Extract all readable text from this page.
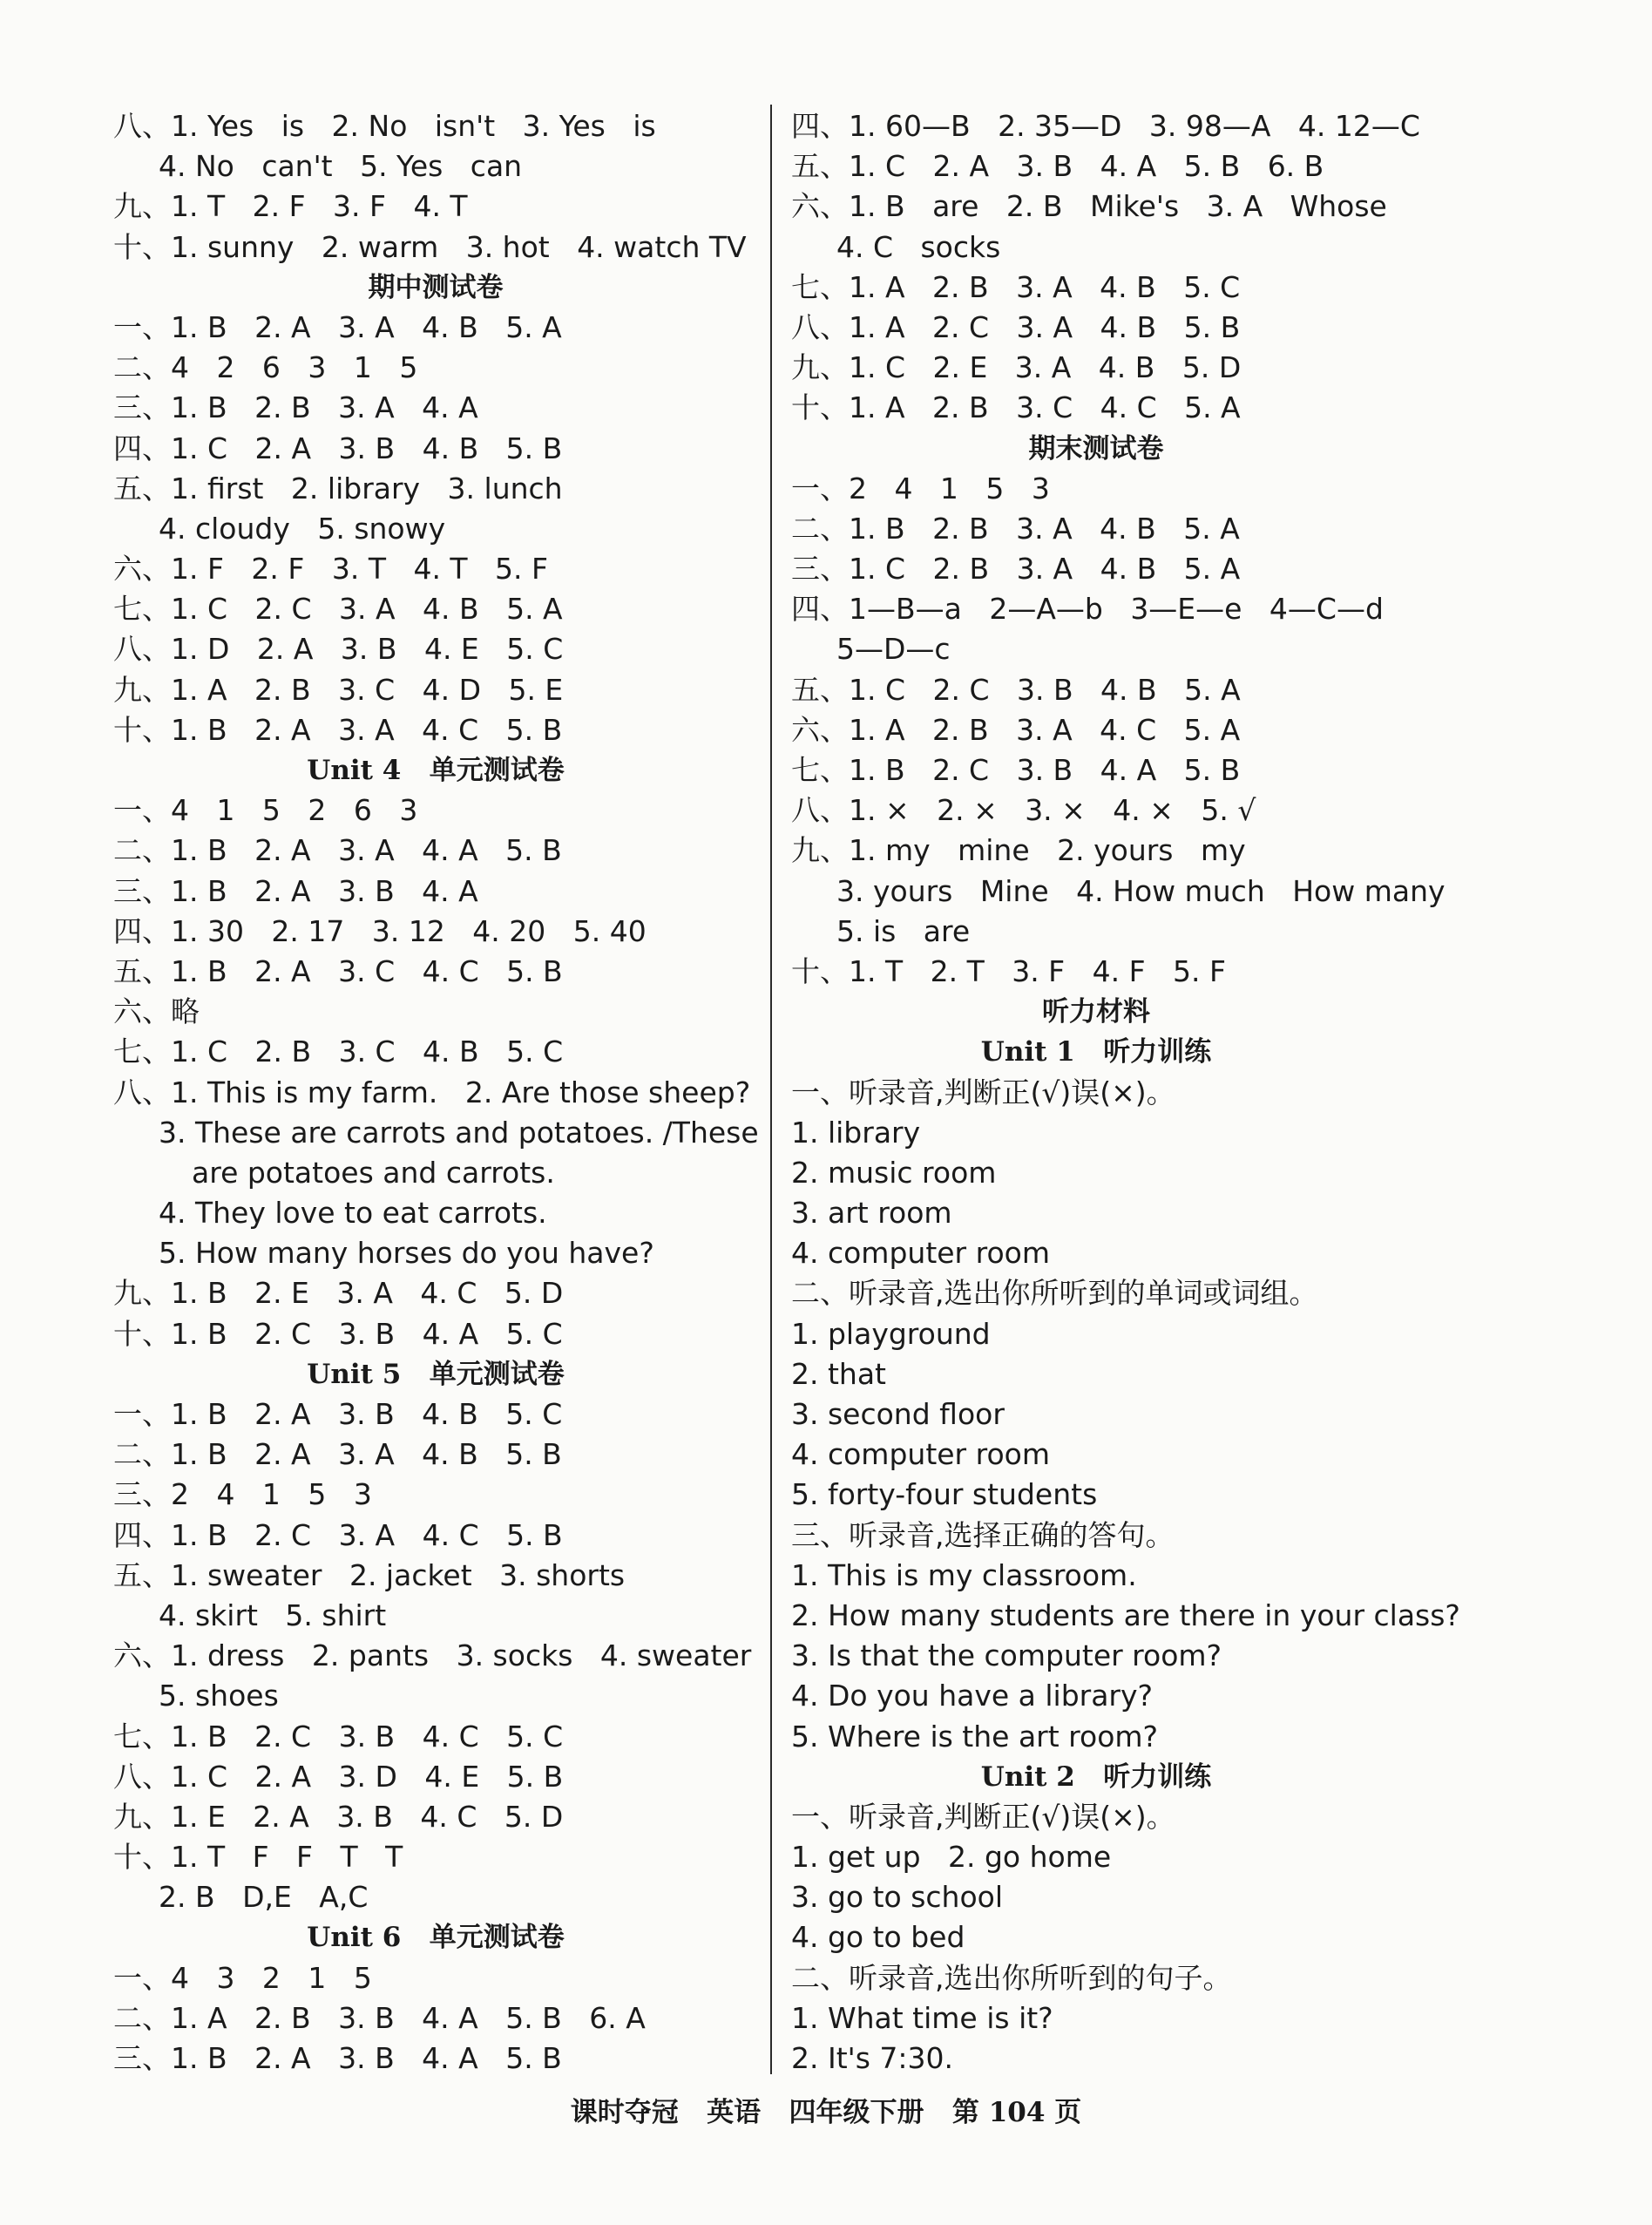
八、1. Yes   is   2. No   isn't   3. Yes   is
4. No   can't   5. Yes   can
九、1. T   2. F   3. F   4. T
十、1. sunny   2. warm   3. hot   4. watch TV
期中测试卷
一、1. B   2. A   3. A   4. B   5. A
二、4   2   6   3   1   5
三、1. B   2. B   3. A   4. A
四、1. C   2. A   3. B   4. B   5. B
五、1. first   2. library   3. lunch
4. cloudy   5. snowy
六、1. F   2. F   3. T   4. T   5. F
七、1. C   2. C   3. A   4. B   5. A
八、1. D   2. A   3. B   4. E   5. C
九、1. A   2. B   3. C   4. D   5. E
十、1. B   2. A   3. A   4. C   5. B
Unit 4   单元测试卷
一、4   1   5   2   6   3
二、1. B   2. A   3. A   4. A   5. B
三、1. B   2. A   3. B   4. A
四、1. 30   2. 17   3. 12   4. 20   5. 40
五、1. B   2. A   3. C   4. C   5. B
六、略
七、1. C   2. B   3. C   4. B   5. C
八、1. This is my farm.   2. Are those sheep?
3. These are carrots and potatoes. /These
are potatoes and carrots.
4. They love to eat carrots.
5. How many horses do you have?
九、1. B   2. E   3. A   4. C   5. D
十、1. B   2. C   3. B   4. A   5. C
Unit 5   单元测试卷
一、1. B   2. A   3. B   4. B   5. C
二、1. B   2. A   3. A   4. B   5. B
三、2   4   1   5   3
四、1. B   2. C   3. A   4. C   5. B
五、1. sweater   2. jacket   3. shorts
4. skirt   5. shirt
六、1. dress   2. pants   3. socks   4. sweater
5. shoes
七、1. B   2. C   3. B   4. C   5. C
八、1. C   2. A   3. D   4. E   5. B
九、1. E   2. A   3. B   4. C   5. D
十、1. T   F   F   T   T
2. B   D,E   A,C
Unit 6   单元测试卷
一、4   3   2   1   5
二、1. A   2. B   3. B   4. A   5. B   6. A
三、1. B   2. A   3. B   4. A   5. B
四、1. 60—B   2. 35—D   3. 98—A   4. 12—C
五、1. C   2. A   3. B   4. A   5. B   6. B
六、1. B   are   2. B   Mike's   3. A   Whose
4. C   socks
七、1. A   2. B   3. A   4. B   5. C
八、1. A   2. C   3. A   4. B   5. B
九、1. C   2. E   3. A   4. B   5. D
十、1. A   2. B   3. C   4. C   5. A
期末测试卷
一、2   4   1   5   3
二、1. B   2. B   3. A   4. B   5. A
三、1. C   2. B   3. A   4. B   5. A
四、1—B—a   2—A—b   3—E—e   4—C—d
5—D—c
五、1. C   2. C   3. B   4. B   5. A
六、1. A   2. B   3. A   4. C   5. A
七、1. B   2. C   3. B   4. A   5. B
八、1. ×   2. ×   3. ×   4. ×   5. √
九、1. my   mine   2. yours   my
3. yours   Mine   4. How much   How many
5. is   are
十、1. T   2. T   3. F   4. F   5. F
听力材料
Unit 1   听力训练
一、听录音,判断正(√)误(×)。
1. library
2. music room
3. art room
4. computer room
二、听录音,选出你所听到的单词或词组。
1. playground
2. that
3. second floor
4. computer room
5. forty-four students
三、听录音,选择正确的答句。
1. This is my classroom.
2. How many students are there in your class?
3. Is that the computer room?
4. Do you have a library?
5. Where is the art room?
Unit 2   听力训练
一、听录音,判断正(√)误(×)。
1. get up   2. go home
3. go to school
4. go to bed
二、听录音,选出你所听到的句子。
1. What time is it?
2. It's 7:30.
课时夺冠   英语   四年级下册   第 104 页
